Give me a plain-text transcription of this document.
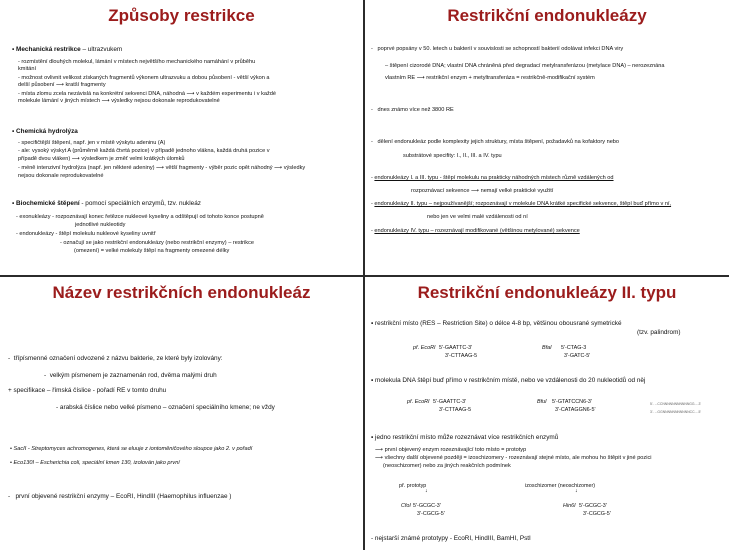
Způsoby restrikce
▪ Mechanická restrikce – ultrazvukem
- rozmístění dlouhých molekul, lámání v místech největšího mechanického namáhání v průběhu
kmitání
- možnost ovlivnit velikost získaných fragmentů výkonem ultrazvuku a dobou působení - větší výkon a
delší působení ⟶ kratší fragmenty
- místa zlomu zcela nezávislá na konkrétní sekvenci DNA, náhodná ⟶ v každém experimentu i v každé
molekule lámání v jiných místech ⟶ výsledky nejsou dokonale reprodukovatelné
▪ Chemická hydrolýza
- specifičtější štěpení, např. jen v místě výskytu adeninu (A)
- ale: vysoký výskyt A (průměrně každá čtvrtá pozice) v případě jednoho vlákna, každá druhá pozice v
případě dvou vláken) ⟶ výsledkem je změť velmi krátkých úlomků
- méně intenzivní hydrolýza (např. jen některé adeniny) ⟶ větší fragmenty - výběr pozic opět náhodný ⟶ výsledky
nejsou dokonale reprodukovatelné
▪ Biochemické štěpení - pomocí speciálních enzymů, tzv. nukleáz
- exonukleázy - rozpoznávají konec řetězce nukleové kyseliny a odštěpují od tohoto konce postupně
jednotlivé nukleotidy
- endonukleázy - štěpí molekulu nukleové kyseliny uvnitř
- označují se jako restrikční endonukleázy (nebo restrikční enzymy) – restrikce
(omezení) = velké molekuly štěpí na fragmenty omezené délky
Restrikční endonukleázy
-   poprvé popsány v 50. letech u bakterií v souvislosti se schopností bakterií odolávat infekci DNA viry
– štěpení cizorodé DNA; vlastní DNA chráněná před degradací metylransferázou (metylace DNA) – nerozeznána
vlastním RE ⟶ restrikční enzym + metyltransferáza = restrikčně-modifikační systém
-   dnes známo více než 3800 RE
-   dělení endonukleáz podle komplexity jejich struktury, místa štěpení, požadavků na kofaktory nebo
substrátové specifity: I., II., III. a IV. typu
- endonukleázy I. a III. typu - štěpí molekulu na prakticky náhodných místech různě vzdálených od
rozpoznávací sekvence ⟶ nemají velké praktické využití
- endonukleázy II. typu – nejpoužívanější; rozpoznávají v molekule DNA krátké specifické sekvence, štěpí buď přímo v ní,
nebo jen ve velmi malé vzdálenosti od ní
- endonukleázy IV. typu – rozeznávají modifikované (většinou metylované) sekvence
Název restrikčních endonukleáz
-  třípísmenné označení odvozené z názvu bakterie, ze které byly izolovány:
-  velkým písmenem je zaznamenán rod, dvěma malými druh
+ specifikace – římská číslice - pořadí RE v tomto druhu
- arabská číslice nebo velké písmeno – označení speciálního kmene; ne vždy
• SacII - Streptomyces achromogenes, která se eluuje z iontoměničového sloupce jako 2. v pořadí
• Eco130I – Escherichia coli, speciální kmen 130, izolován jako první
-   první objevené restrikční enzymy – EcoRI, HindIII (Haemophilus influenzae )
Restrikční endonukleázy II. typu
▪ restrikční místo (RES – Restriction Site) o délce 4-8 bp, většinou obousrané symetrické
(tzv. palindrom)
př. EcoRI 5'-GAATTC-3'
3'-CTTAAG-5
BfaI 5'-CTAG-3
3'-GATC-5'
▪ molekula DNA štěpí buď přímo v restrikčním místě, nebo ve vzdálenosti do 20 nukleotidů od něj
př. EcoRI 5'-GAATTC-3'
3'-CTTAAG-5
BfuI 5'-GTATCCN6-3'
3'-CATAGGN6-5'
5'- ...CCNNNNNNNNNNNGG...-3'
3'- ...GGNNNNNNNNNNNCC...-5'
▪ jedno restrikční místo může rozeznávat více restrikčních enzymů
⟶ první objevený enzym rozeznávající toto místo = prototyp
⟶ všechny další objevené později = izoschizomery - rozeznávají stejné místo, ale mohou ho štěpit v jiné pozici
(neoschizomer) nebo za jiných reakčních podmínek
př. prototyp	izoschizomer (neoschizomer)
↓	↓
CfoI 5'-GCGC-3'
3'-CGCG-5'
Hin6I 5'-GCGC-3'
3'-CGCG-5'
- nejstarší známé prototypy - EcoRI, HindIII, BamHI, PstI
